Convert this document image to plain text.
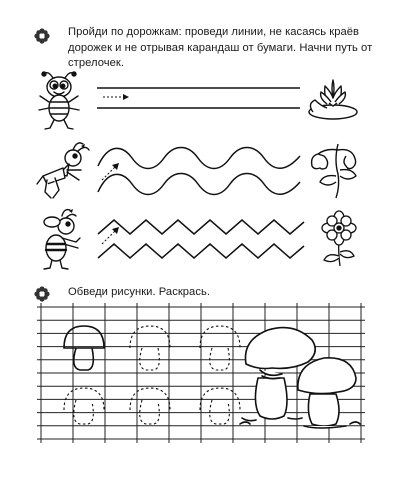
Пройди по дорожкам: проведи линии, не касаясь краёв дорожек и не отрывая карандаш от бумаги. Начни путь от стрелочек.

Обведи рисунки. Раскрась.
